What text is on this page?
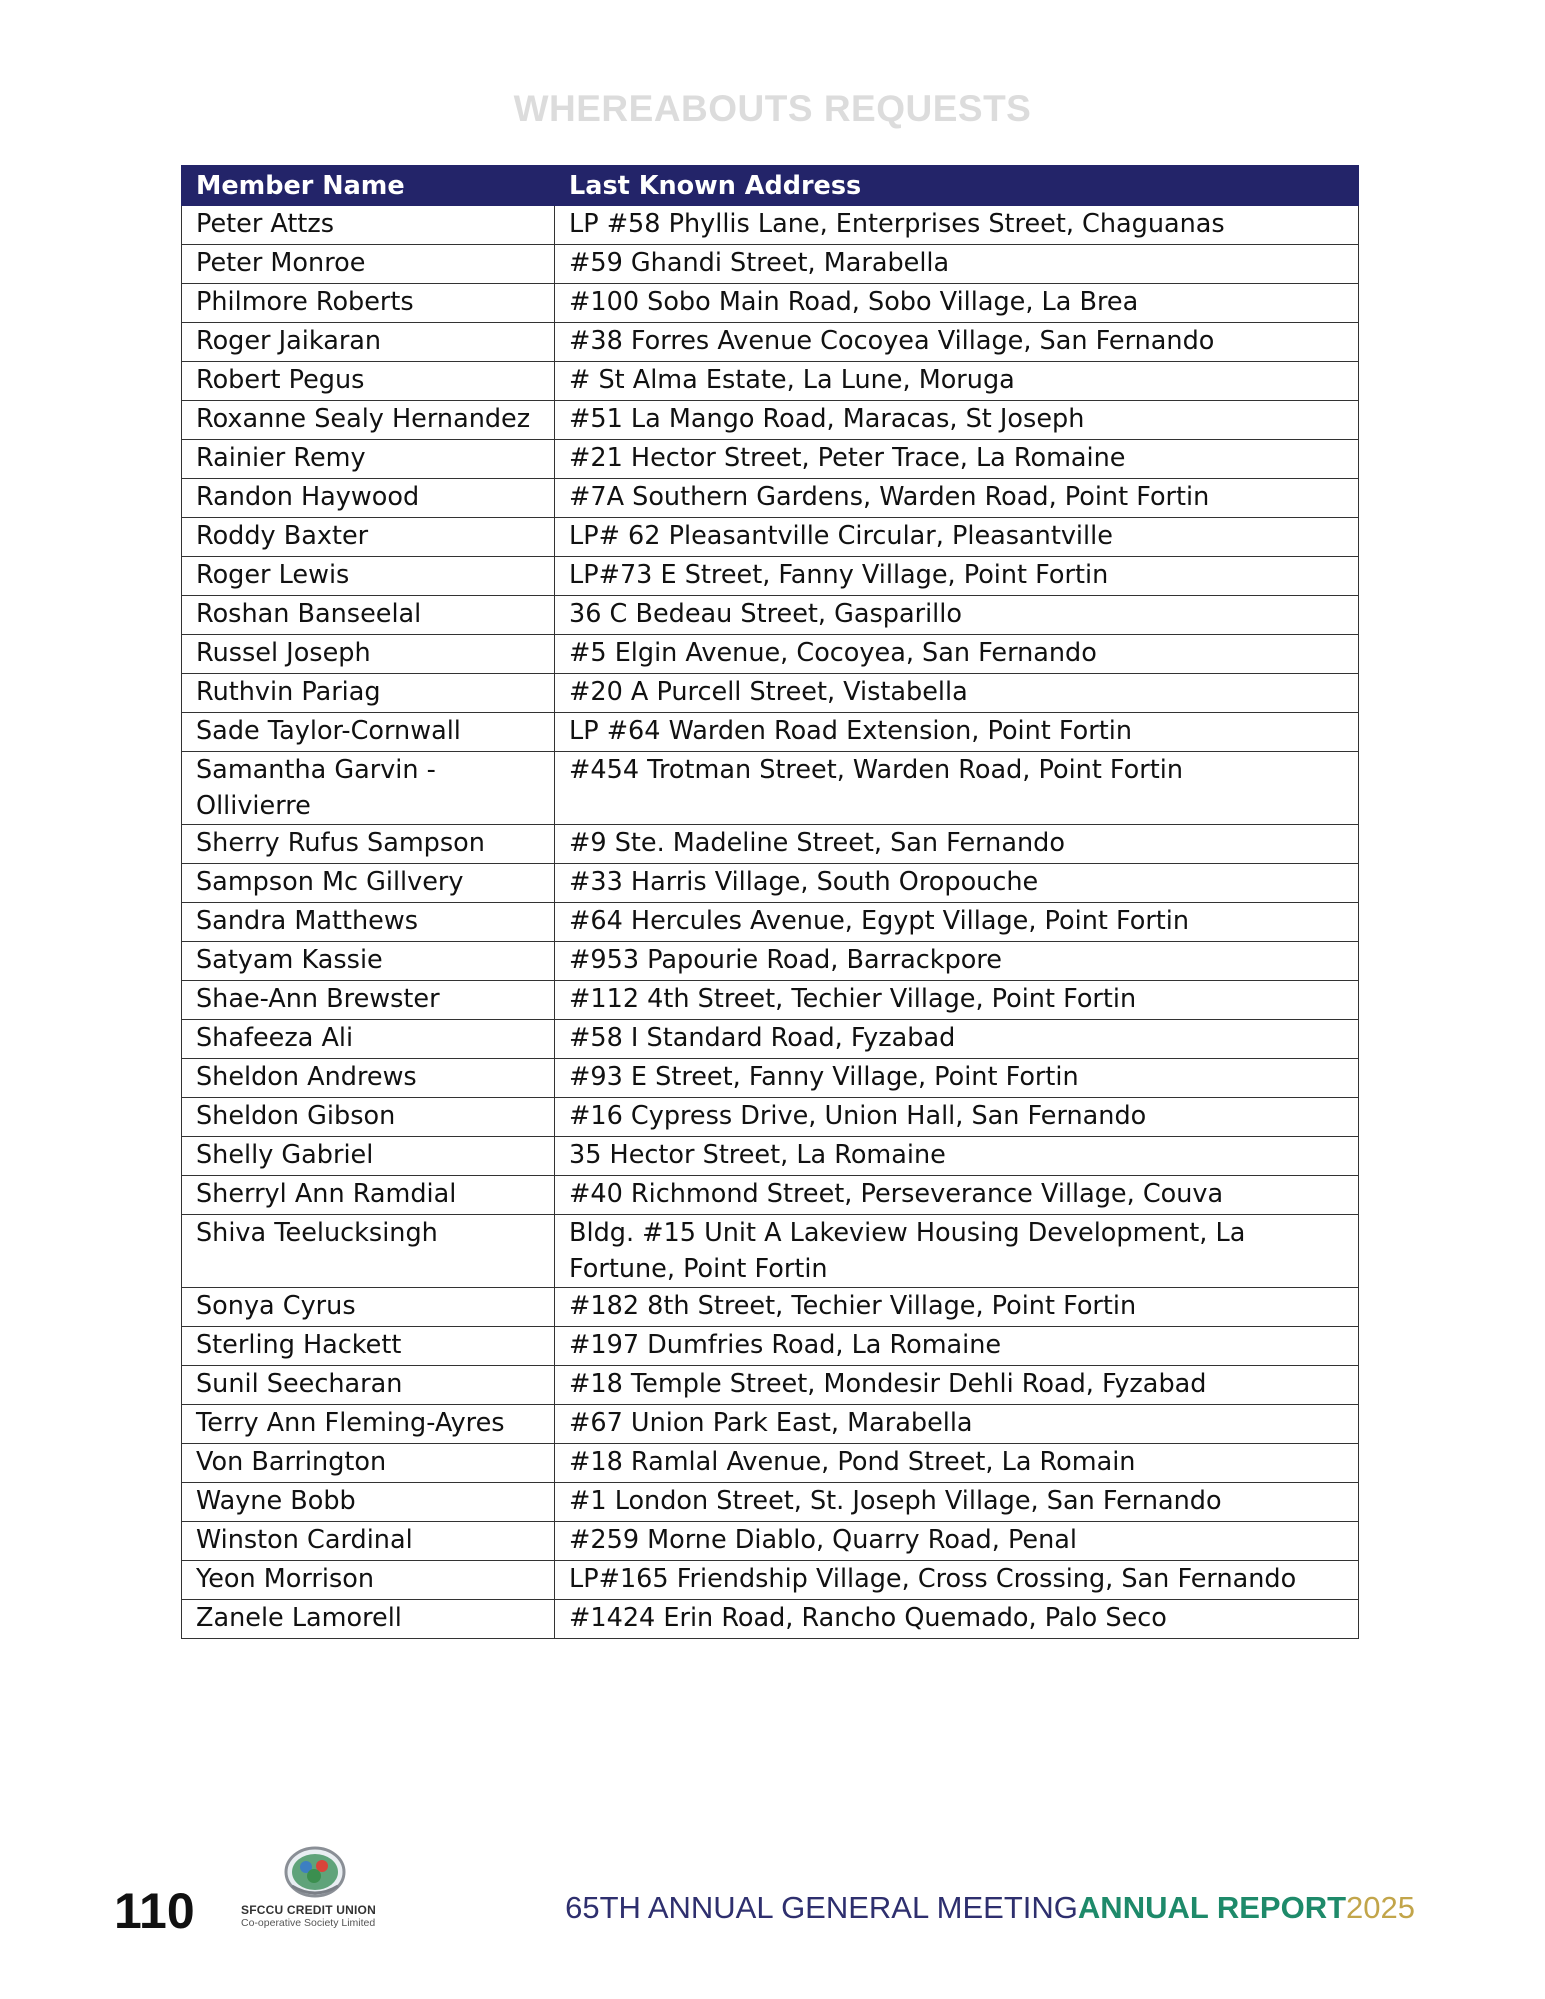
WHEREABOUTS REQUESTS
Member Name	Last Known Address
Peter Attzs	LP #58 Phyllis Lane, Enterprises Street, Chaguanas
Peter Monroe	#59 Ghandi Street, Marabella
Philmore Roberts	#100 Sobo Main Road, Sobo Village, La Brea
Roger Jaikaran	#38 Forres Avenue Cocoyea Village, San Fernando
Robert Pegus	# St Alma Estate, La Lune, Moruga
Roxanne Sealy Hernandez	#51 La Mango Road, Maracas, St Joseph
Rainier Remy	#21 Hector Street, Peter Trace, La Romaine
Randon Haywood	#7A Southern Gardens, Warden Road, Point Fortin
Roddy Baxter	LP# 62 Pleasantville Circular, Pleasantville
Roger Lewis	LP#73 E Street, Fanny Village, Point Fortin
Roshan Banseelal	36 C Bedeau Street, Gasparillo
Russel Joseph	#5 Elgin Avenue, Cocoyea, San Fernando
Ruthvin Pariag	#20 A Purcell Street, Vistabella
Sade Taylor-Cornwall	LP #64 Warden Road Extension, Point Fortin
Samantha Garvin - Ollivierre	#454 Trotman Street, Warden Road, Point Fortin
Sherry Rufus Sampson	#9 Ste. Madeline Street, San Fernando
Sampson Mc Gillvery	#33 Harris Village, South Oropouche
Sandra Matthews	#64 Hercules Avenue, Egypt Village, Point Fortin
Satyam Kassie	#953 Papourie Road, Barrackpore
Shae-Ann Brewster	#112 4th Street, Techier Village, Point Fortin
Shafeeza Ali	#58 I Standard Road, Fyzabad
Sheldon Andrews	#93 E Street, Fanny Village, Point Fortin
Sheldon Gibson	#16 Cypress Drive, Union Hall, San Fernando
Shelly Gabriel	35 Hector Street, La Romaine
Sherryl Ann Ramdial	#40 Richmond Street, Perseverance Village, Couva
Shiva Teelucksingh	Bldg. #15 Unit A Lakeview Housing Development, La Fortune, Point Fortin
Sonya Cyrus	#182 8th Street, Techier Village, Point Fortin
Sterling Hackett	#197 Dumfries Road, La Romaine
Sunil Seecharan	#18 Temple Street, Mondesir Dehli Road, Fyzabad
Terry Ann Fleming-Ayres	#67 Union Park East, Marabella
Von Barrington	#18 Ramlal Avenue, Pond Street, La Romain
Wayne Bobb	#1 London Street, St. Joseph Village, San Fernando
Winston Cardinal	#259 Morne Diablo, Quarry Road, Penal
Yeon Morrison	LP#165 Friendship Village, Cross Crossing, San Fernando
Zanele Lamorell	#1424 Erin Road, Rancho Quemado, Palo Seco
110	SFCCU CREDIT UNION
Co-operative Society Limited	65TH ANNUAL GENERAL MEETINGANNUAL REPORT2025
